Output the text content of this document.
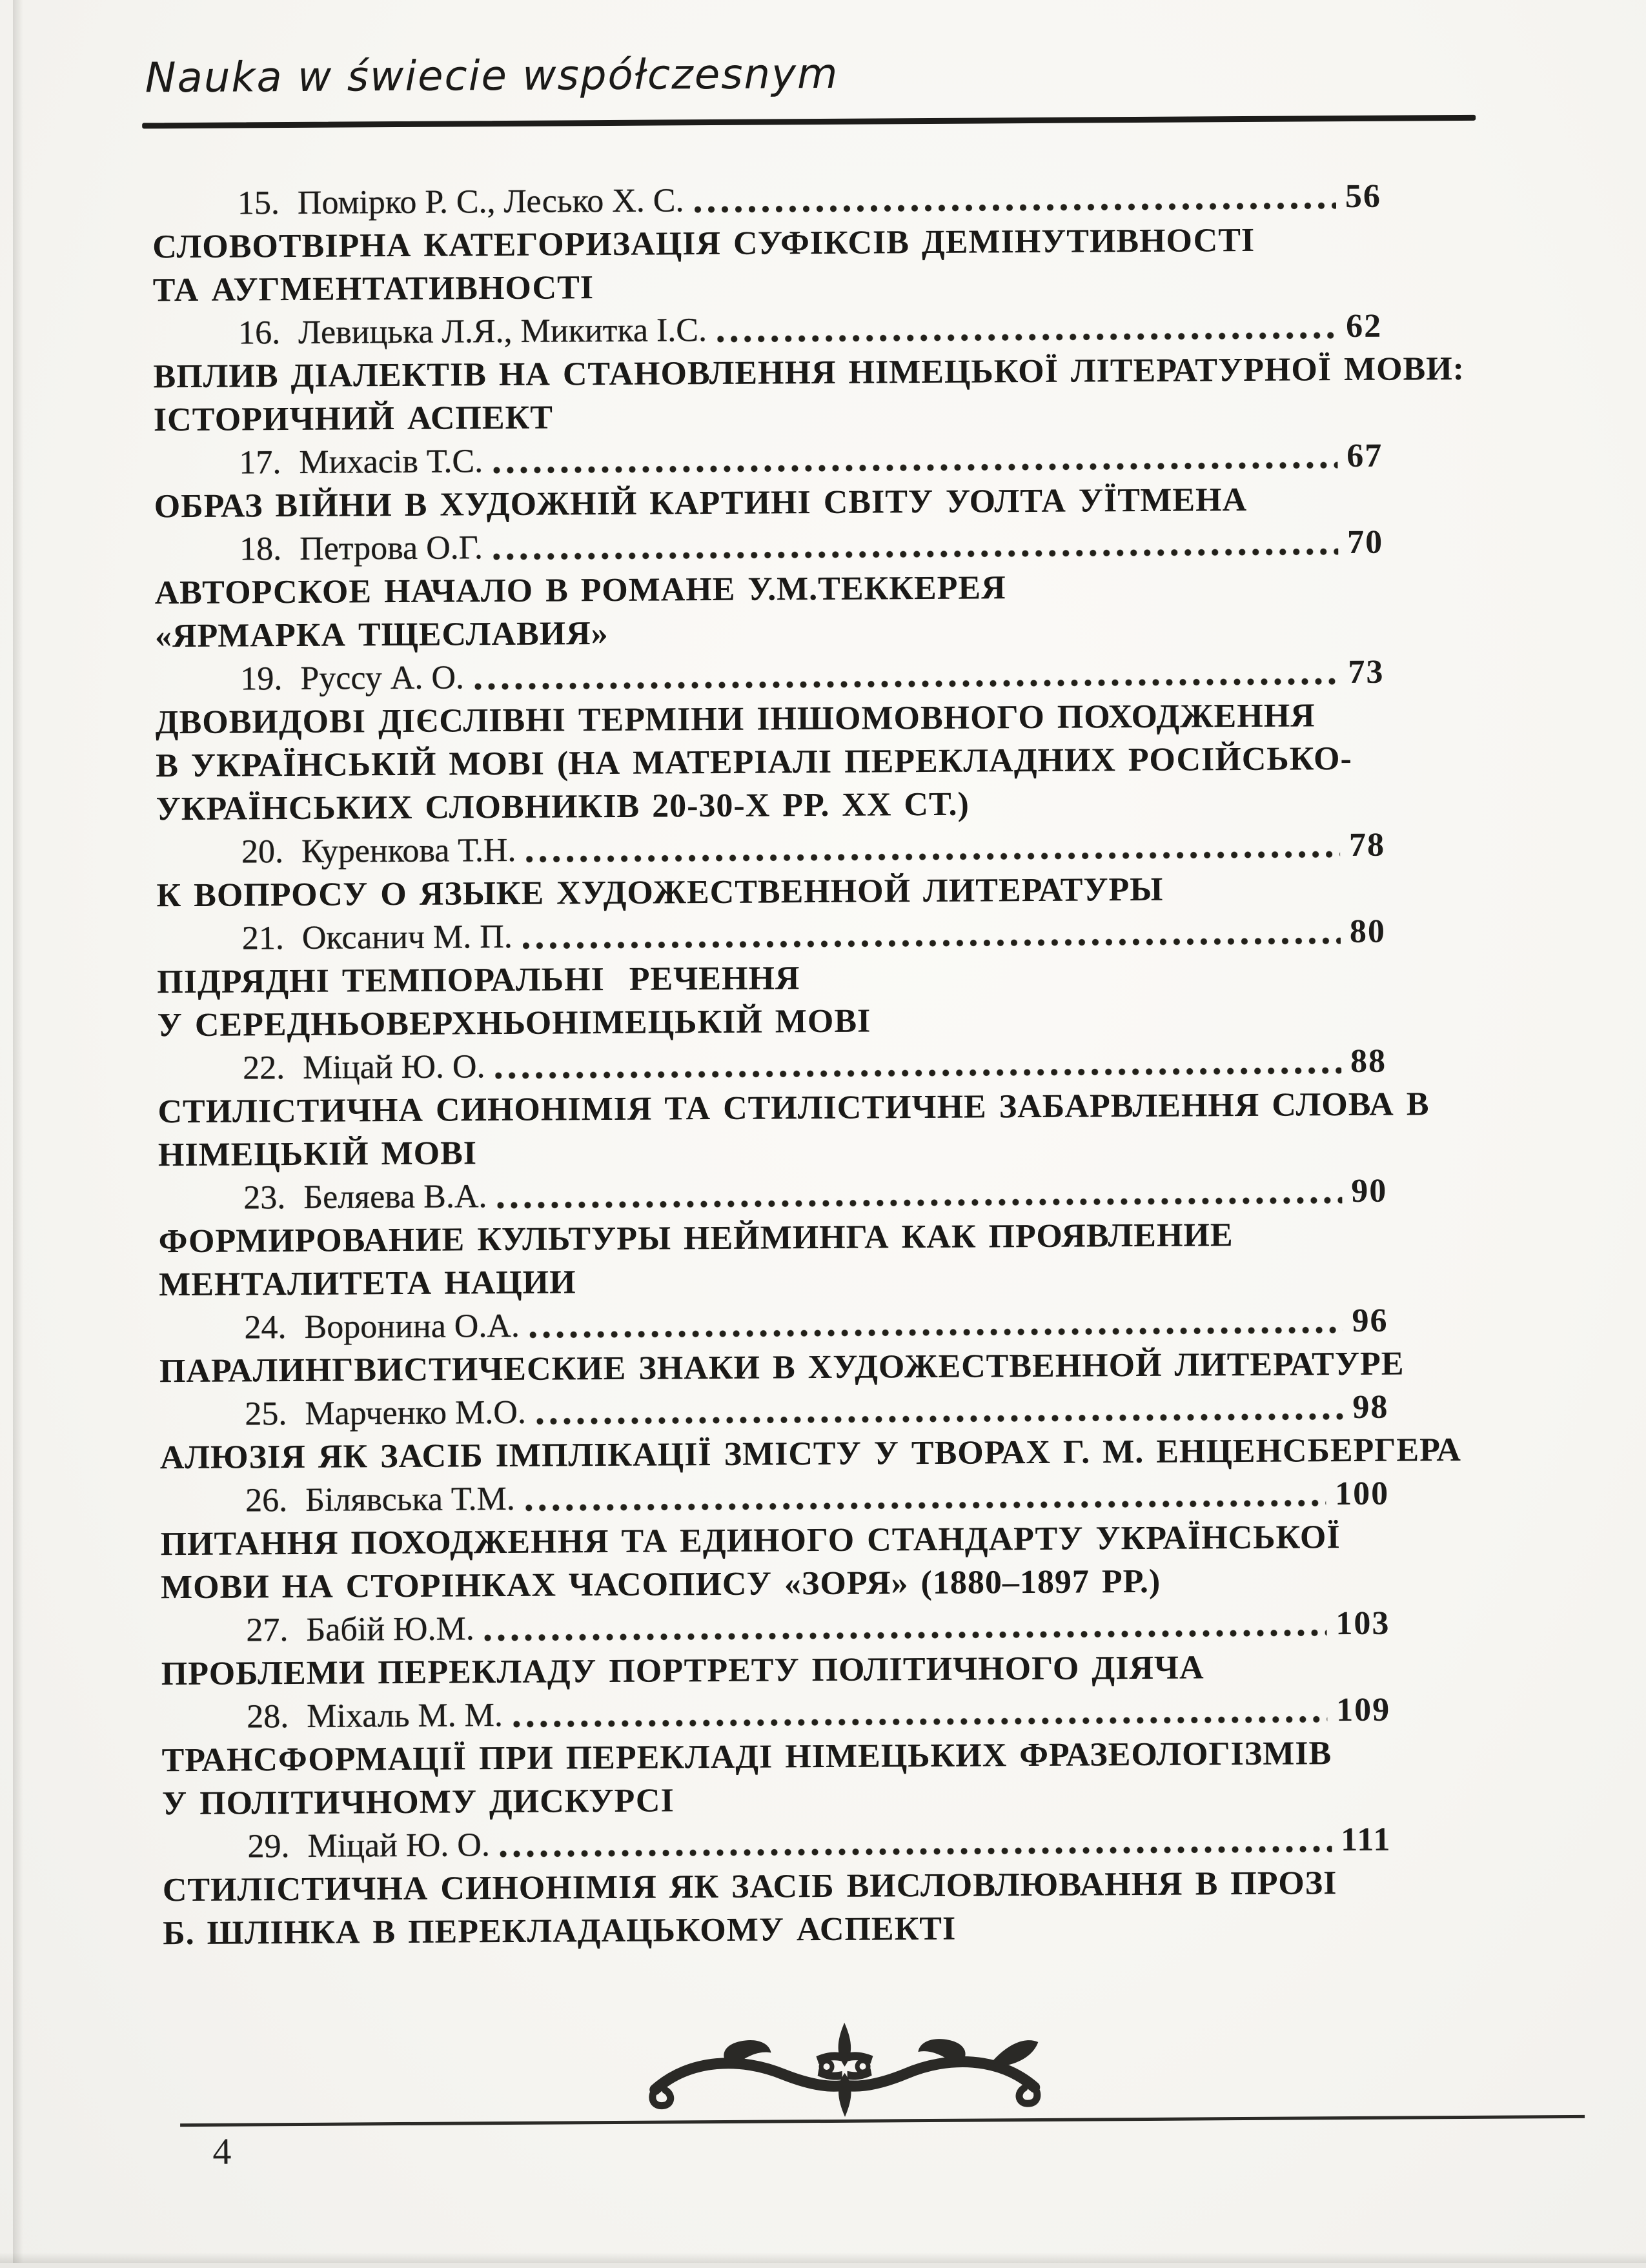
Nauka w świecie współczesnym
15. Помірко Р. С., Лесько Х. С.	56
СЛОВОТВІРНА КАТЕГОРИЗАЦІЯ СУФІКСІВ ДЕМІНУТИВНОСТІ
ТА АУГМЕНТАТИВНОСТІ
16. Левицька Л.Я., Микитка І.С.	62
ВПЛИВ ДІАЛЕКТІВ НА СТАНОВЛЕННЯ НІМЕЦЬКОЇ ЛІТЕРАТУРНОЇ МОВИ:
ІСТОРИЧНИЙ АСПЕКТ
17. Михасів Т.С.	67
ОБРАЗ ВІЙНИ В ХУДОЖНІЙ КАРТИНІ СВІТУ УОЛТА УЇТМЕНА
18. Петрова О.Г.	70
АВТОРСКОЕ НАЧАЛО В РОМАНЕ У.М.ТЕККЕРЕЯ
«ЯРМАРКА ТЩЕСЛАВИЯ»
19. Руссу А. О.	73
ДВОВИДОВІ ДІЄСЛІВНІ ТЕРМІНИ ІНШОМОВНОГО ПОХОДЖЕННЯ
В УКРАЇНСЬКІЙ МОВІ (НА МАТЕРІАЛІ ПЕРЕКЛАДНИХ РОСІЙСЬКО-
УКРАЇНСЬКИХ СЛОВНИКІВ 20-30-Х РР. ХХ СТ.)
20. Куренкова Т.Н.	78
К ВОПРОСУ О ЯЗЫКЕ ХУДОЖЕСТВЕННОЙ ЛИТЕРАТУРЫ
21. Оксанич М. П.	80
ПІДРЯДНІ ТЕМПОРАЛЬНІ  РЕЧЕННЯ
У СЕРЕДНЬОВЕРХНЬОНІМЕЦЬКІЙ МОВІ
22. Міцай Ю. О.	88
СТИЛІСТИЧНА СИНОНІМІЯ ТА СТИЛІСТИЧНЕ ЗАБАРВЛЕННЯ СЛОВА В
НІМЕЦЬКІЙ МОВІ
23. Беляева В.А.	90
ФОРМИРОВАНИЕ КУЛЬТУРЫ НЕЙМИНГА КАК ПРОЯВЛЕНИЕ
МЕНТАЛИТЕТА НАЦИИ
24. Воронина О.А.	96
ПАРАЛИНГВИСТИЧЕСКИЕ ЗНАКИ В ХУДОЖЕСТВЕННОЙ ЛИТЕРАТУРЕ
25. Марченко М.О.	98
АЛЮЗІЯ ЯК ЗАСІБ ІМПЛІКАЦІЇ ЗМІСТУ У ТВОРАХ Г. М. ЕНЦЕНСБЕРГЕРА
26. Білявська Т.М.	100
ПИТАННЯ ПОХОДЖЕННЯ ТА ЕДИНОГО СТАНДАРТУ УКРАЇНСЬКОЇ
МОВИ НА СТОРІНКАХ ЧАСОПИСУ «ЗОРЯ» (1880–1897 РР.)
27. Бабій Ю.М.	103
ПРОБЛЕМИ ПЕРЕКЛАДУ ПОРТРЕТУ ПОЛІТИЧНОГО ДІЯЧА
28. Міхаль М. М.	109
ТРАНСФОРМАЦІЇ ПРИ ПЕРЕКЛАДІ НІМЕЦЬКИХ ФРАЗЕОЛОГІЗМІВ
У ПОЛІТИЧНОМУ ДИСКУРСІ
29. Міцай Ю. О.	111
СТИЛІСТИЧНА СИНОНІМІЯ ЯК ЗАСІБ ВИСЛОВЛЮВАННЯ В ПРОЗІ
Б. ШЛІНКА В ПЕРЕКЛАДАЦЬКОМУ АСПЕКТІ
4
